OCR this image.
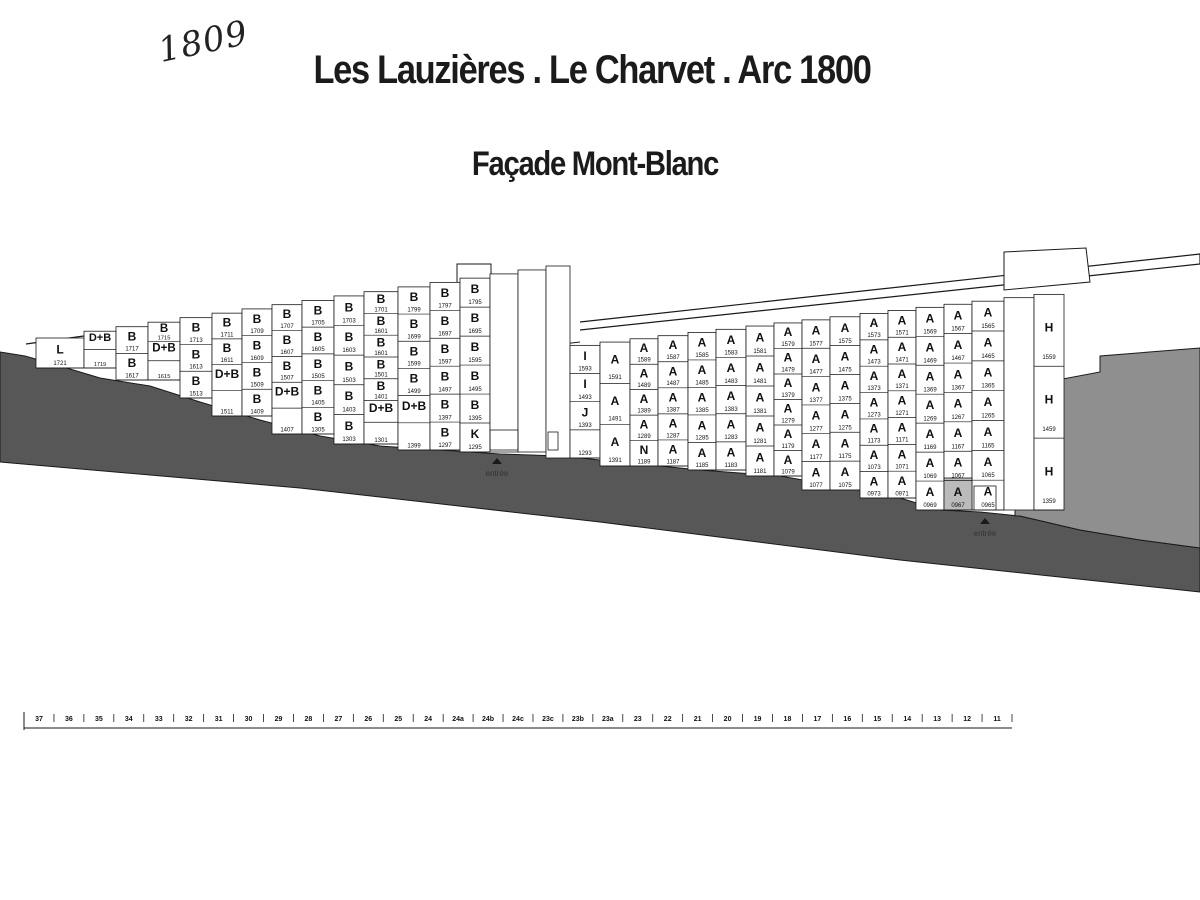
1809	Les Lauzières . Le Charvet . Arc 1800
Façade Mont-Blanc
L
1721
D+B
1719
B
1717
B
1617
B
1715
D+B
1615
B
1713
B
1613
B
1513
B
1711
B
1611
D+B
1511
B
1709
B
1609
B
1509
B
1409
B
1707
B
1607
B
1507
D+B
1407
B
1705
B
1605
B
1505
B
1405
B
1305
B
1703
B
1603
B
1503
B
1403
B
1303
B
1701
B
1601
B
1601
B
1501
B
1401
D+B
1301
B
1799
B
1699
B
1599
B
1499
D+B
1399
B
1797
B
1697
B
1597
B
1497
B
1397
B
1297
B
1795
B
1695
B
1595
B
1495
B
1395
K
1295
I
1593
I
1493
J
1393
1293
A
1591
A
1491
A
1391
A
1589
A
1489
A
1389
A
1289
N
1189
A
1587
A
1487
A
1387
A
1287
A
1187
A
1585
A
1485
A
1385
A
1285
A
1185
A
1583
A
1483
A
1383
A
1283
A
1183
A
1581
A
1481
A
1381
A
1281
A
1181
A
1579
A
1479
A
1379
A
1279
A
1179
A
1079
A
1577
A
1477
A
1377
A
1277
A
1177
A
1077
A
1575
A
1475
A
1375
A
1275
A
1175
A
1075
A
1573
A
1473
A
1373
A
1273
A
1173
A
1073
A
0973
A
1571
A
1471
A
1371
A
1271
A
1171
A
1071
A
0971
A
1569
A
1469
A
1369
A
1269
A
1169
A
1069
A
0969
A
1567
A
1467
A
1367
A
1267
A
1167
A
1067
A
0967
A
1565
A
1465
A
1365
A
1265
A
1165
A
1065
A
0965
H
1559
H
1459
H
1359
37	36	35	34	33	32	31	30	29	28	27	26	25	24	24a	24b	24c	23c	23b	23a	23	22	21	20	19	18	17	16	15	14	13	12	11
entrée
entrée
